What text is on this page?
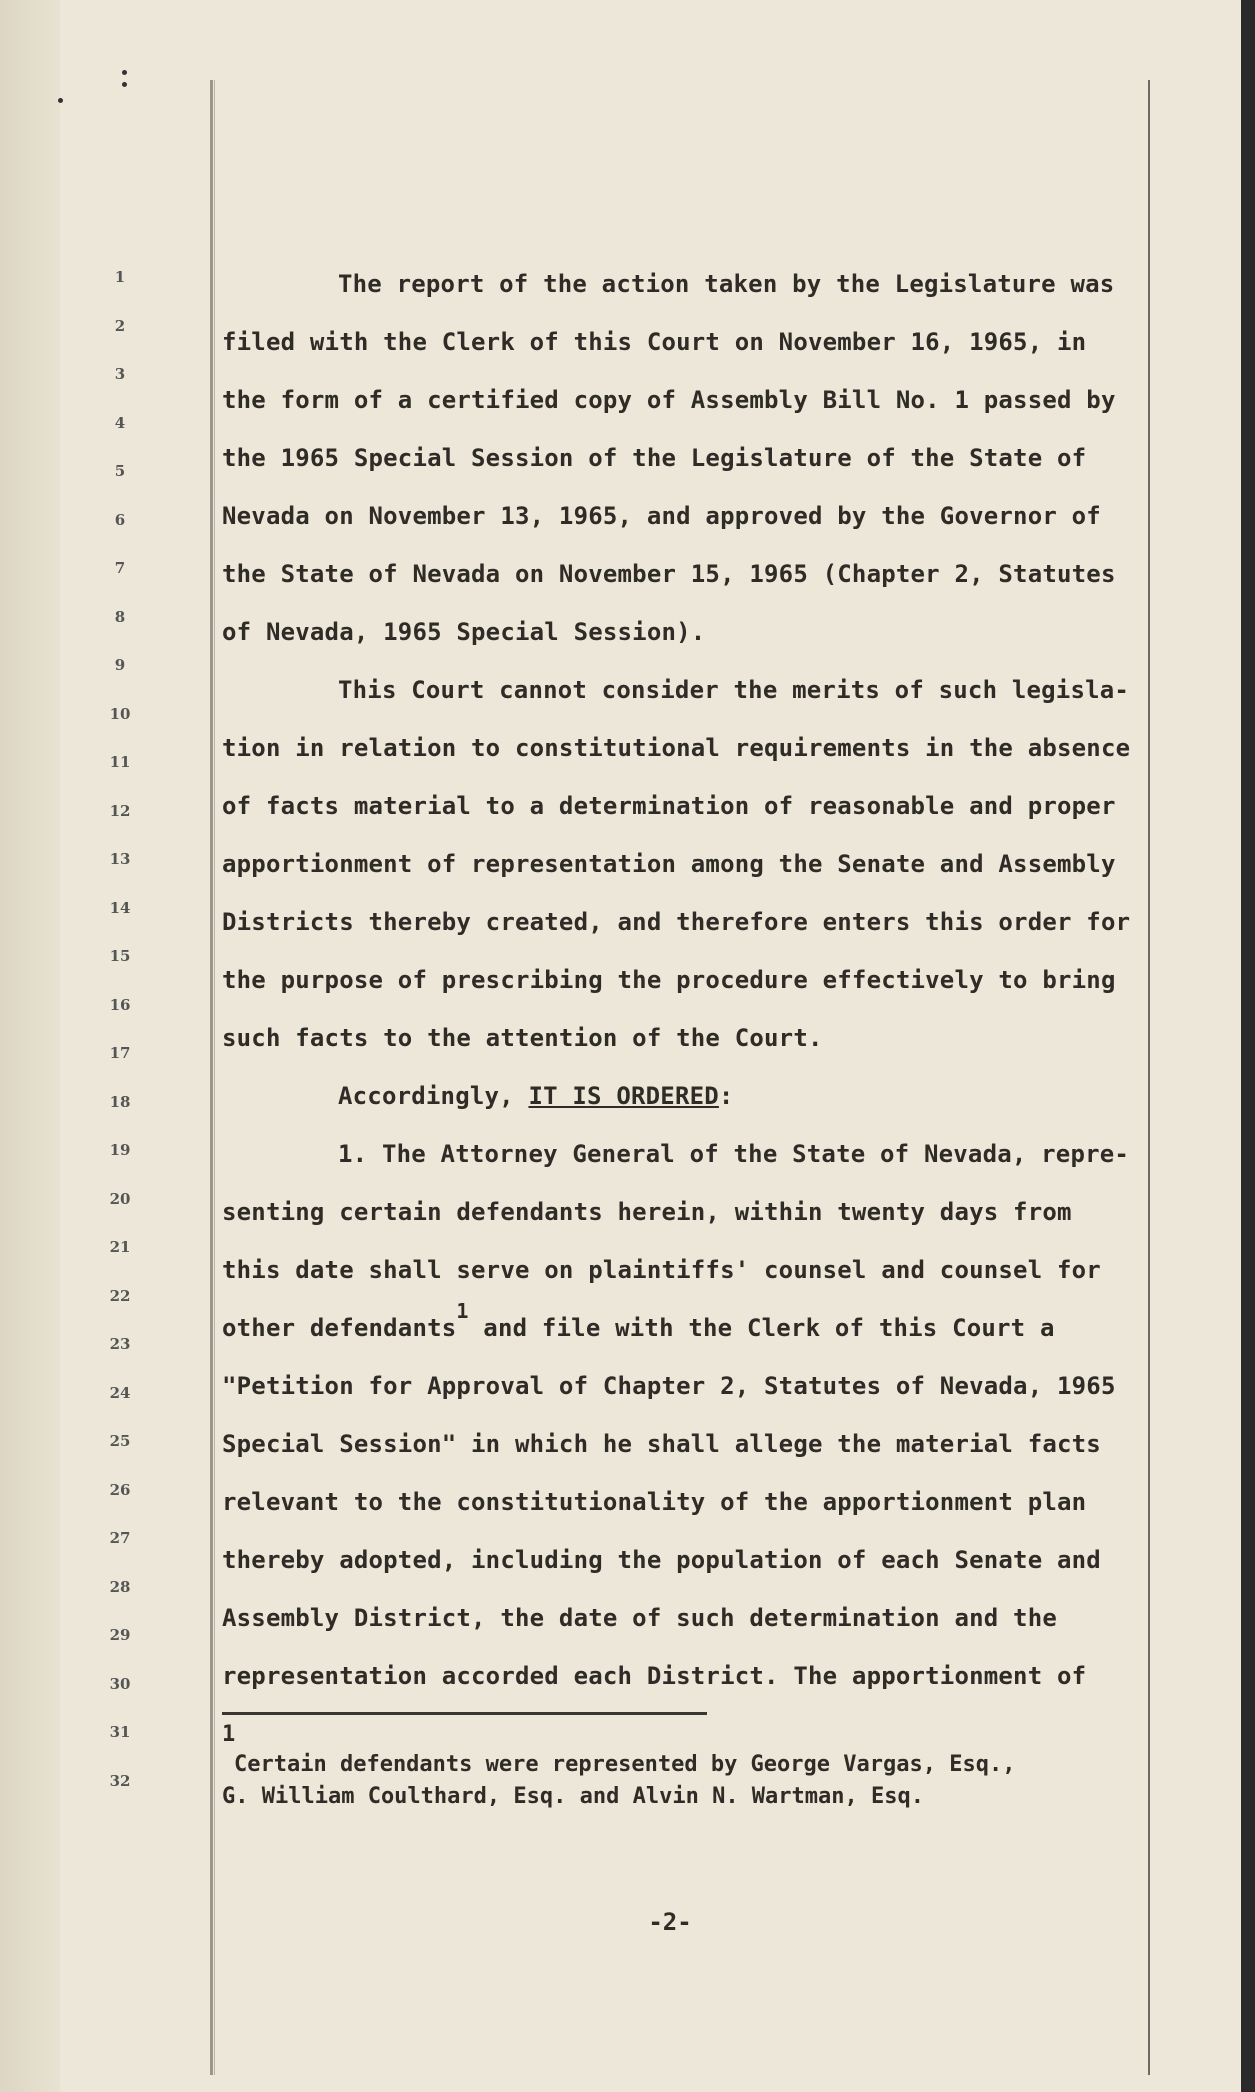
1
2
3
4
5
6
7
8
9
10
11
12
13
14
15
16
17
18
19
20
21
22
23
24
25
26
27
28
29
30
31
32
The report of the action taken by the Legislature was
filed with the Clerk of this Court on November 16, 1965, in
the form of a certified copy of Assembly Bill No. 1 passed by
the 1965 Special Session of the Legislature of the State of
Nevada on November 13, 1965, and approved by the Governor of
the State of Nevada on November 15, 1965 (Chapter 2, Statutes
of Nevada, 1965 Special Session).
This Court cannot consider the merits of such legisla-
tion in relation to constitutional requirements in the absence
of facts material to a determination of reasonable and proper
apportionment of representation among the Senate and Assembly
Districts thereby created, and therefore enters this order for
the purpose of prescribing the procedure effectively to bring
such facts to the attention of the Court.
Accordingly, IT IS ORDERED:
1. The Attorney General of the State of Nevada, repre-
senting certain defendants herein, within twenty days from
this date shall serve on plaintiffs' counsel and counsel for
other defendants$^1$ and file with the Clerk of this Court a
"Petition for Approval of Chapter 2, Statutes of Nevada, 1965
Special Session" in which he shall allege the material facts
relevant to the constitutionality of the apportionment plan
thereby adopted, including the population of each Senate and
Assembly District, the date of such determination and the
representation accorded each District. The apportionment of
1
Certain defendants were represented by George Vargas, Esq.,
G. William Coulthard, Esq. and Alvin N. Wartman, Esq.
-2-
